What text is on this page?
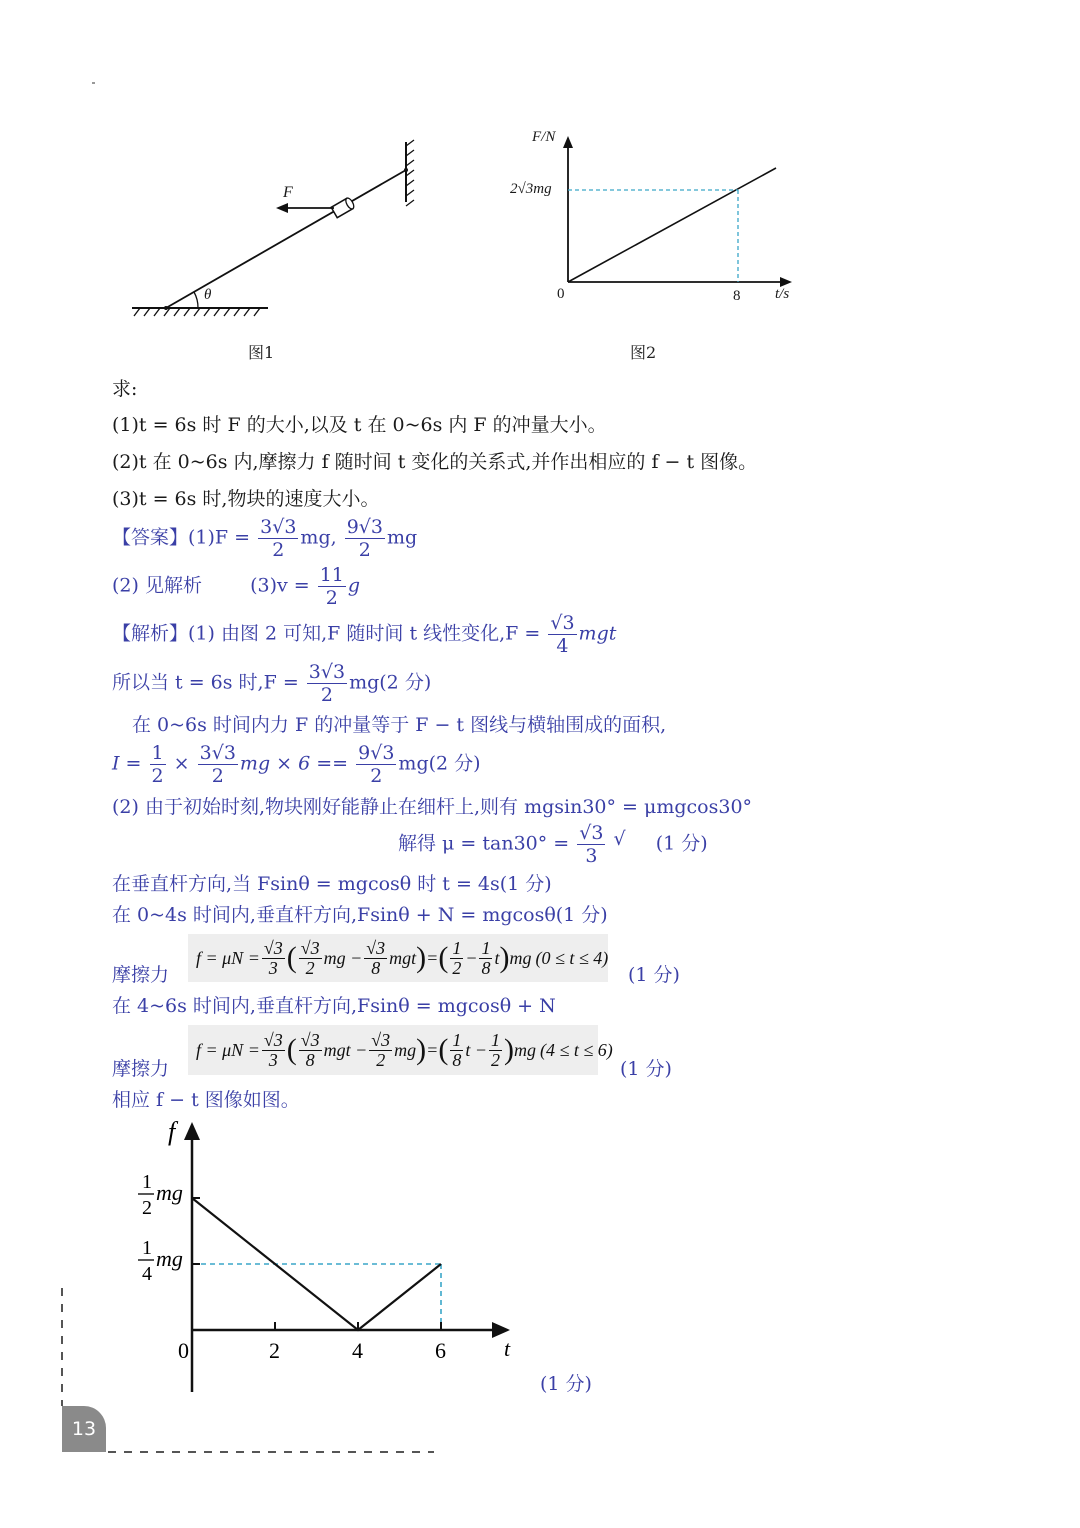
F
θ
图1
F/N
2√3mg
0	8 t/s
图2
求:
(1)t = 6s 时 F 的大小,以及 t 在 0~6s 内 F 的冲量大小。
(2)t 在 0~6s 内,摩擦力 f 随时间 t 变化的关系式,并作出相应的 f − t 图像。
(3)t = 6s 时,物块的速度大小。
【答案】$(1)F = \frac{3√3}{2}$ mg, $\frac{9√3}{2}$ mg
(2) 见解析	$(3)v = \frac{11}{2}$ g
【解析】(1) 由图 2 可知,F 随时间 t 线性变化$,F = \frac{√3}{4}$ mgt
所以当 t = 6s 时$,F = \frac{3√3}{2} mg(2$ 分)
在 0~6s 时间内力 F 的冲量等于 F − t 图线与横轴围成的面积,
$I = \frac{1}{2} \times \frac{3√3}{2}$ mg × $6 == \frac{9√3}{2} mg(2$ 分)
(2) 由于初始时刻,物块刚好能静止在细杆上,则有 mgsin30° = μmgcos30°
解得 $\mu = \tan 30^\circ = \frac{√3}{3}$ √ (1 分)
在垂直杆方向,当 Fsinθ = mgcosθ 时 t = 4s(1 分)
在 0~4s 时间内,垂直杆方向,Fsinθ + N = mgcosθ(1 分)
摩擦力
$f = \mu N = \frac{√3}{3}$ ( $\frac{√3}{2}$ mg − $\frac{√3}{8}$ mgt ) = ( $\frac{1}{2} - \frac{1}{8}$ t ) mg (0 ≤ t ≤ 4)
(1 分)
在 4~6s 时间内,垂直杆方向,Fsinθ = mgcosθ + N
摩擦力
$f = \mu N = \frac{√3}{3}$ ( $\frac{√3}{8}$ mgt − $\frac{√3}{2}$ mg ) = ( $\frac{1}{8}$ $t - \frac{1}{2}$ ) mg (4 ≤ t ≤ 6)
(1 分)
相应 f − t 图像如图。
0	2	4	6
1
2
mg
1
4
mg
f
t
(1 分)
13
